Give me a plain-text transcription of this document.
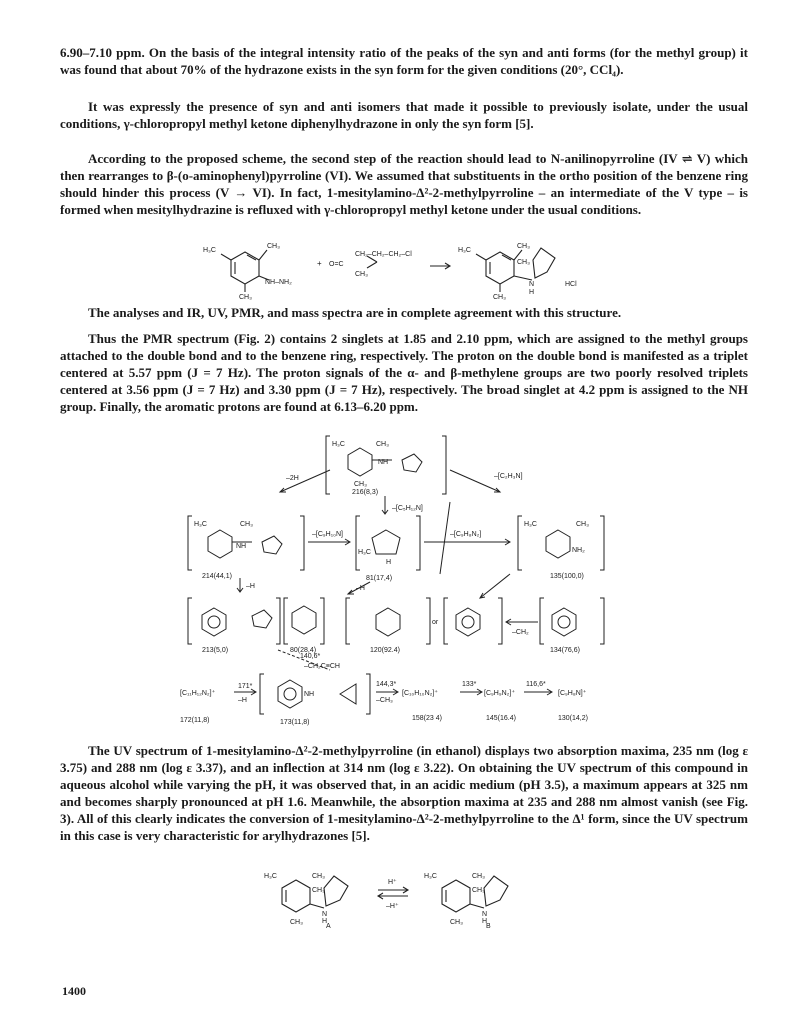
6.90–7.10 ppm. On the basis of the integral intensity ratio of the peaks of the syn and anti forms (for the methyl group) it was found that about 70% of the hydrazone exists in the syn form for the given conditions (20°, CCl₄).

It was expressly the presence of syn and anti isomers that made it possible to previously isolate, under the usual conditions, γ-chloropropyl methyl ketone diphenylhydrazone in only the syn form [5].

According to the proposed scheme, the second step of the reaction should lead to N-anilinopyrroline (IV ⇌ V) which then rearranges to β-(o-aminophenyl)pyrroline (VI). We assumed that substituents in the ortho position of the benzene ring should hinder this process (V → VI). In fact, 1-mesitylamino-Δ²-2-methylpyrroline – an intermediate of the V type – is formed when mesitylhydrazine is refluxed with γ-chloropropyl methyl ketone under the usual conditions.

H₃C
CH₃
NH–NH₂
CH₃
+ O=C
CH₂–CH₂–CH₂–Cl
CH₃
H₃C
CH₃
CH₃
N
H
HCl
CH₃

The analyses and IR, UV, PMR, and mass spectra are in complete agreement with this structure.

Thus the PMR spectrum (Fig. 2) contains 2 singlets at 1.85 and 2.10 ppm, which are assigned to the methyl groups attached to the double bond and to the benzene ring, respectively. The proton on the double bond is manifested as a triplet centered at 5.57 ppm (J = 7 Hz). The proton signals of the α- and β-methylene groups are two poorly resolved triplets centered at 3.56 ppm (J = 7 Hz) and 3.30 ppm (J = 7 Hz), respectively. The broad singlet at 4.2 ppm is assigned to the NH group. Finally, the aromatic protons are found at 6.13–6.20 ppm.

H₃C	CH₃
NH
CH₃
216(8,3)
–2H	–[C₂H₃N]
–[C₅H₁₂N]
H₃C	CH₃
NH
214(44,1)
–[C₉H₁₀N]
H₃C
H
81(17,4)
–[C₉H₈N₂]
H₃C	CH₃
NH₂
135(100,0)
–H	–H
213(5,0)	80(28,4)
or
120(92.4)
–CH₂
134(76,6)
140,6*
–CH₂C≡CH
[C₁₁H₁₂N₂]⁺
171*
–H
172(11,8)
NH
173(11,8)
144,3*
–CH₃
[C₁₀H₁₀N₂]⁺
158(23 4)
133*
[C₉H₉N₂]⁺
145(16.4)
116,6*
[C₉H₈N]⁺
130(14,2)

The UV spectrum of 1-mesitylamino-Δ²-2-methylpyrroline (in ethanol) displays two absorption maxima, 235 nm (log ε 3.75) and 288 nm (log ε 3.37), and an inflection at 314 nm (log ε 3.22). On obtaining the UV spectrum of this compound in aqueous alcohol while varying the pH, it was observed that, in an acidic medium (pH 3.5), a maximum appears at 325 nm and becomes sharply pronounced at pH 1.6. Meanwhile, the absorption maxima at 235 and 288 nm almost vanish (see Fig. 3). All of this clearly indicates the conversion of 1-mesitylamino-Δ²-2-methylpyrroline to the Δ¹ form, since the UV spectrum in this case is very characteristic for arylhydrazones [5].

H₃C	CH₃
CH₃
N
H
CH₃
A
H⁺
–H⁺
H₃C	CH₃
CH₃
N
H
CH₃
B
1400
